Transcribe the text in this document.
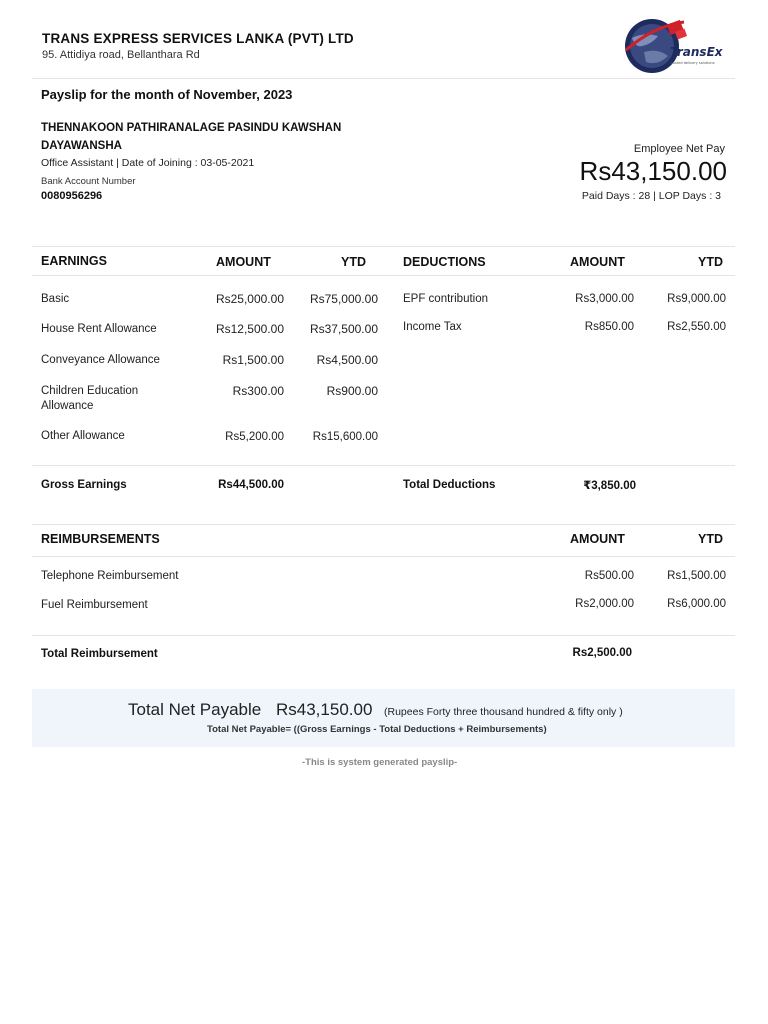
TRANS EXPRESS SERVICES LANKA (PVT) LTD
95. Attidiya road, Bellanthara Rd	TransEx
trusted delivery solutions
Payslip for the month of November, 2023
THENNAKOON PATHIRANALAGE PASINDU KAWSHAN DAYAWANSHA
Office Assistant | Date of Joining : 03-05-2021
Bank Account Number
0080956296
Employee Net Pay
Rs43,150.00
Paid Days : 28 | LOP Days : 3
EARNINGS	AMOUNT	YTD	DEDUCTIONS	AMOUNT	YTD
Basic	Rs25,000.00 Rs75,000.00
House Rent Allowance	Rs12,500.00 Rs37,500.00
Conveyance Allowance	Rs1,500.00	Rs4,500.00
Children Education Allowance
Rs300.00	Rs900.00
Other Allowance	Rs5,200.00	Rs15,600.00
EPF contribution	Rs3,000.00	Rs9,000.00
Income Tax	Rs850.00	Rs2,550.00
Gross Earnings	Rs44,500.00	Total Deductions	₹3,850.00
REIMBURSEMENTS	AMOUNT	YTD
Telephone Reimbursement	Rs500.00	Rs1,500.00
Fuel Reimbursement	Rs2,000.00	Rs6,000.00
Total Reimbursement	Rs2,500.00
Total Net Payable Rs43,150.00 (Rupees Forty three thousand hundred & fifty only )
Total Net Payable= ((Gross Earnings - Total Deductions + Reimbursements)
-This is system generated payslip-
